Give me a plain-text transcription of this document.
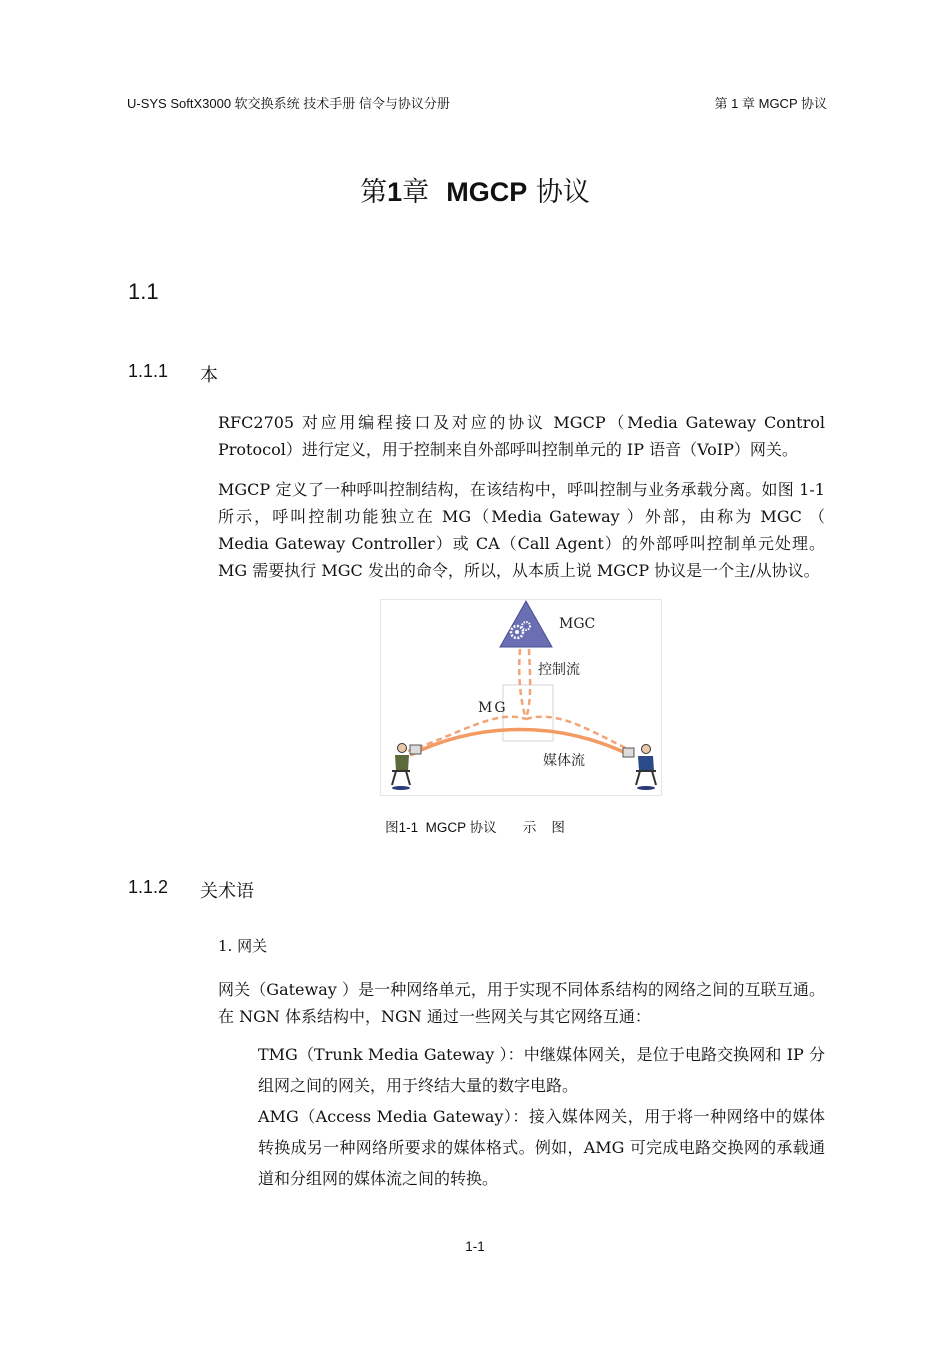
U-SYS SoftX3000 软交换系统 技术手册 信令与协议分册	第 1 章 MGCP 协议
第1章  MGCP 协议
1.1
1.1.1 本
RFC2705 对应用编程接口及对应的协议 MGCP（Media Gateway Control Protocol）进行定义，用于控制来自外部呼叫控制单元的 IP 语音（VoIP）网关。
MGCP 定义了一种呼叫控制结构，在该结构中，呼叫控制与业务承载分离。如图 1-1 所示，呼叫控制功能独立在 MG（Media Gateway ）外部，由称为 MGC （ Media Gateway Controller）或 CA（Call Agent）的外部呼叫控制单元处理。MG 需要执行 MGC 发出的命令，所以，从本质上说 MGCP 协议是一个主/从协议。
MGC
控制流
MG
媒体流
图1-1  MGCP 协议       示    图
1.1.2 关术语
1. 网关
网关（Gateway ）是一种网络单元，用于实现不同体系结构的网络之间的互联互通。在 NGN 体系结构中，NGN 通过一些网关与其它网络互通：
TMG（Trunk Media Gateway ）：中继媒体网关，是位于电路交换网和 IP 分组网之间的网关，用于终结大量的数字电路。
AMG（Access Media Gateway）：接入媒体网关，用于将一种网络中的媒体转换成另一种网络所要求的媒体格式。例如，AMG 可完成电路交换网的承载通道和分组网的媒体流之间的转换。
1-1
